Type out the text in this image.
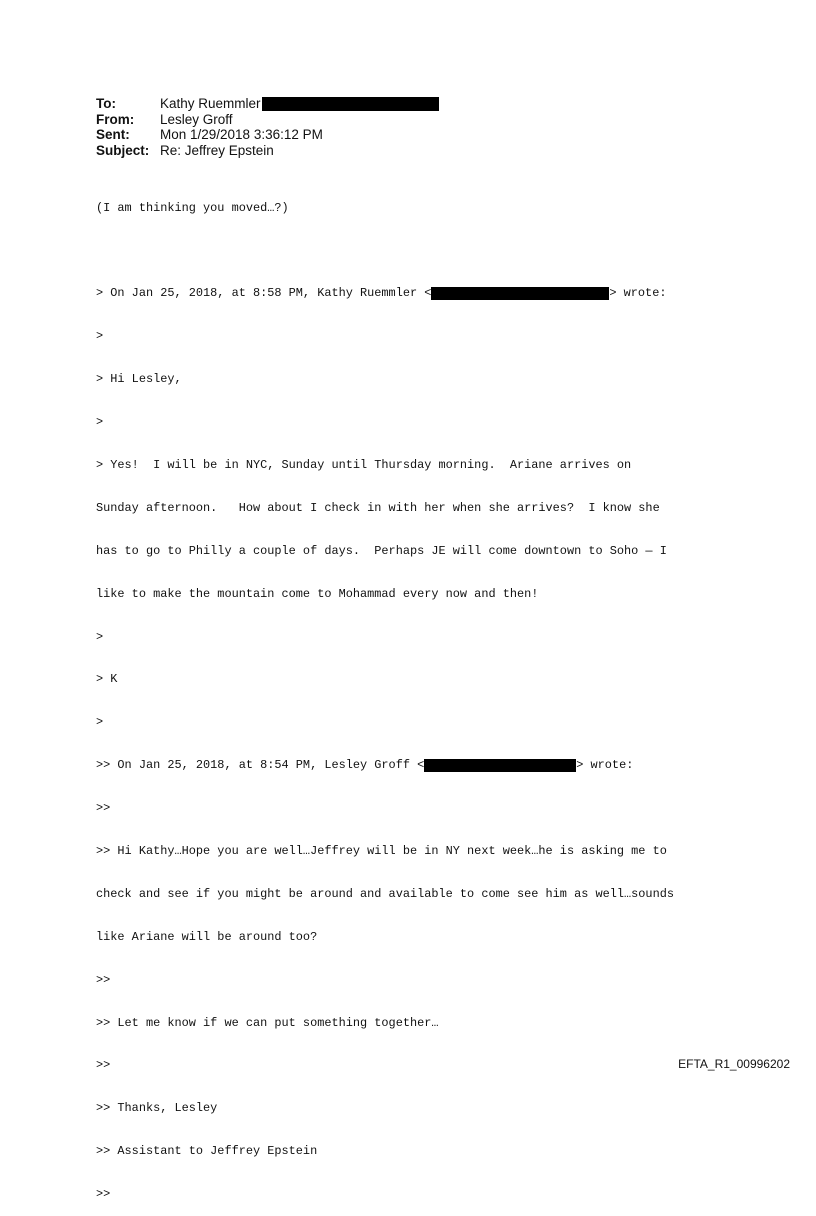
To:	Kathy Ruemmler
From:	Lesley Groff
Sent:	Mon 1/29/2018 3:36:12 PM
Subject: Re: Jeffrey Epstein

(I am thinking you moved…?)

> On Jan 25, 2018, at 8:58 PM, Kathy Ruemmler <	> wrote:

>

> Hi Lesley,

>

> Yes!  I will be in NYC, Sunday until Thursday morning.  Ariane arrives on

Sunday afternoon.   How about I check in with her when she arrives?  I know she

has to go to Philly a couple of days.  Perhaps JE will come downtown to Soho — I

like to make the mountain come to Mohammad every now and then!

>

> K

>

>> On Jan 25, 2018, at 8:54 PM, Lesley Groff <	> wrote:

>>

>> Hi Kathy…Hope you are well…Jeffrey will be in NY next week…he is asking me to

check and see if you might be around and available to come see him as well…sounds

like Ariane will be around too?

>>

>> Let me know if we can put something together…

>>

>> Thanks, Lesley

>> Assistant to Jeffrey Epstein

>>

EFTA_R1_00996202
